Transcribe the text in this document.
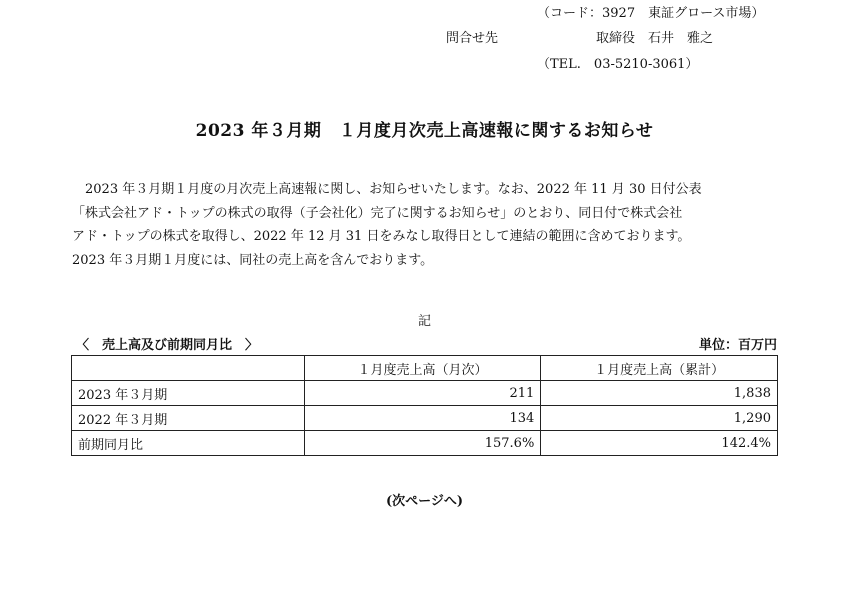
（コード：3927　東証グロース市場）
問合せ先	取締役　石井　雅之
（TEL.　03-5210-3061）
2023 年３月期　１月度月次売上高速報に関するお知らせ

2023 年３月期１月度の月次売上高速報に関し、お知らせいたします。なお、2022 年 11 月 30 日付公表

「株式会社アド・トップの株式の取得（子会社化）完了に関するお知らせ」のとおり、同日付で株式会社

アド・トップの株式を取得し、2022 年 12 月 31 日をみなし取得日として連結の範囲に含めております。

2023 年３月期１月度には、同社の売上高を含んでおります。

記
〈　売上高及び前期同月比　〉	単位：百万円
	１月度売上高（月次）	１月度売上高（累計）
2023 年３月期	211	1,838
2022 年３月期	134	1,290
前期同月比	157.6%	142.4%
(次ページへ)
